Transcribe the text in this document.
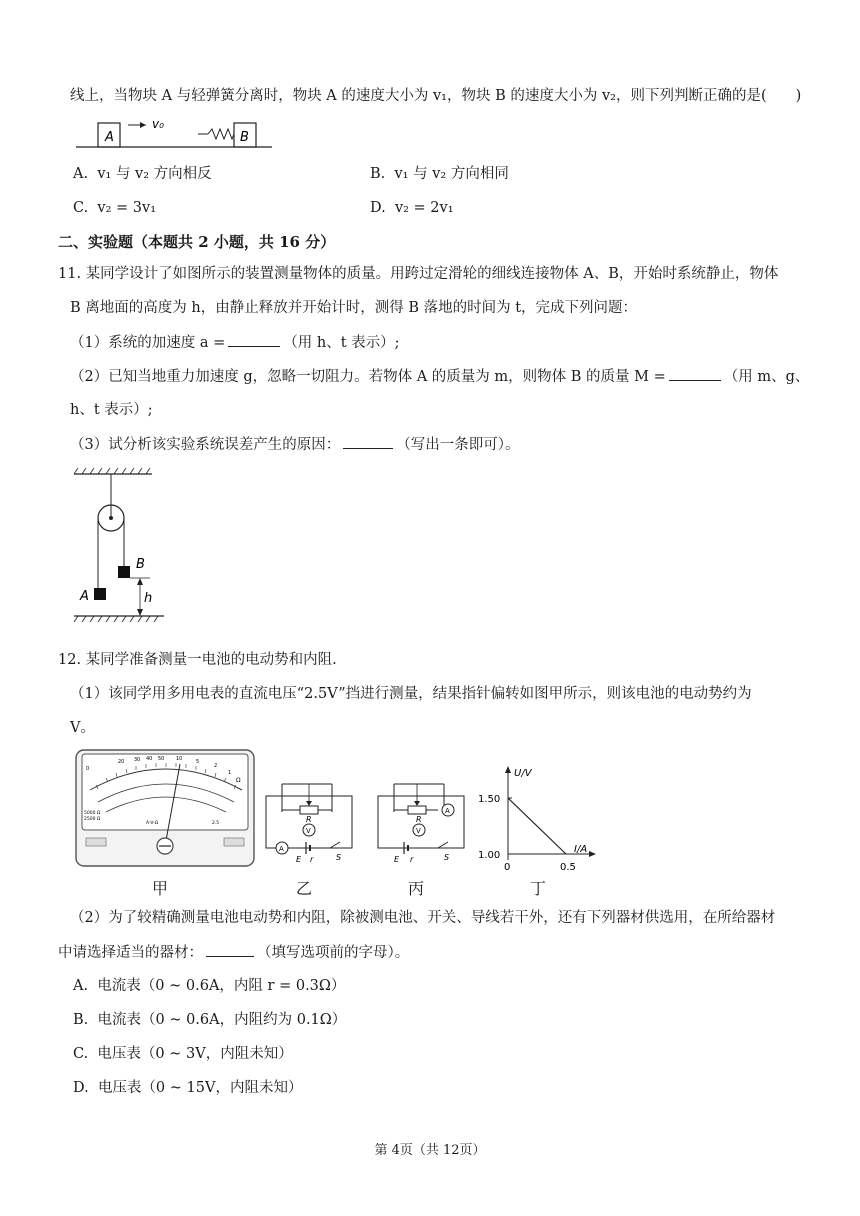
线上，当物块 A 与轻弹簧分离时，物块 A 的速度大小为 v₁，物块 B 的速度大小为 v₂，则下列判断正确的是(　　)
A
v₀
B
A. v₁ 与 v₂ 方向相反	B. v₁ 与 v₂ 方向相同
C. v₂ = 3v₁	D. v₂ = 2v₁
二、实验题（本题共 2 小题，共 16 分）
11. 某同学设计了如图所示的装置测量物体的质量。用跨过定滑轮的细线连接物体 A、B，开始时系统静止，物体
B 离地面的高度为 h，由静止释放并开始计时，测得 B 落地的时间为 t，完成下列问题：
（1）系统的加速度 a =	（用 h、t 表示）;
（2）已知当地重力加速度 g，忽略一切阻力。若物体 A 的质量为 m，则物体 B 的质量 M =	（用 m、g、
h、t 表示）;
（3）试分析该实验系统误差产生的原因：	（写出一条即可）。
A
B
h
12. 某同学准备测量一电池的电动势和内阻.
（1）该同学用多用电表的直流电压“2.5V”挡进行测量，结果指针偏转如图甲所示，则该电池的电动势约为
V。
0
20 30 40 50 10	5
2
1
Ω
5000 Ω
2500 Ω
A-V-Ω	2.5
甲
R
V
A
E r	S
乙
A
R
V
E r	S
丙
U/V
I/A
1.50
1.00
0	0.5
丁
（2）为了较精确测量电池电动势和内阻，除被测电池、开关、导线若干外，还有下列器材供选用，在所给器材
中请选择适当的器材：	（填写选项前的字母）。
A. 电流表（0 ~ 0.6A，内阻 r = 0.3Ω）
B. 电流表（0 ~ 0.6A，内阻约为 0.1Ω）
C. 电压表（0 ~ 3V，内阻未知）
D. 电压表（0 ~ 15V，内阻未知）
第 4页（共 12页）
